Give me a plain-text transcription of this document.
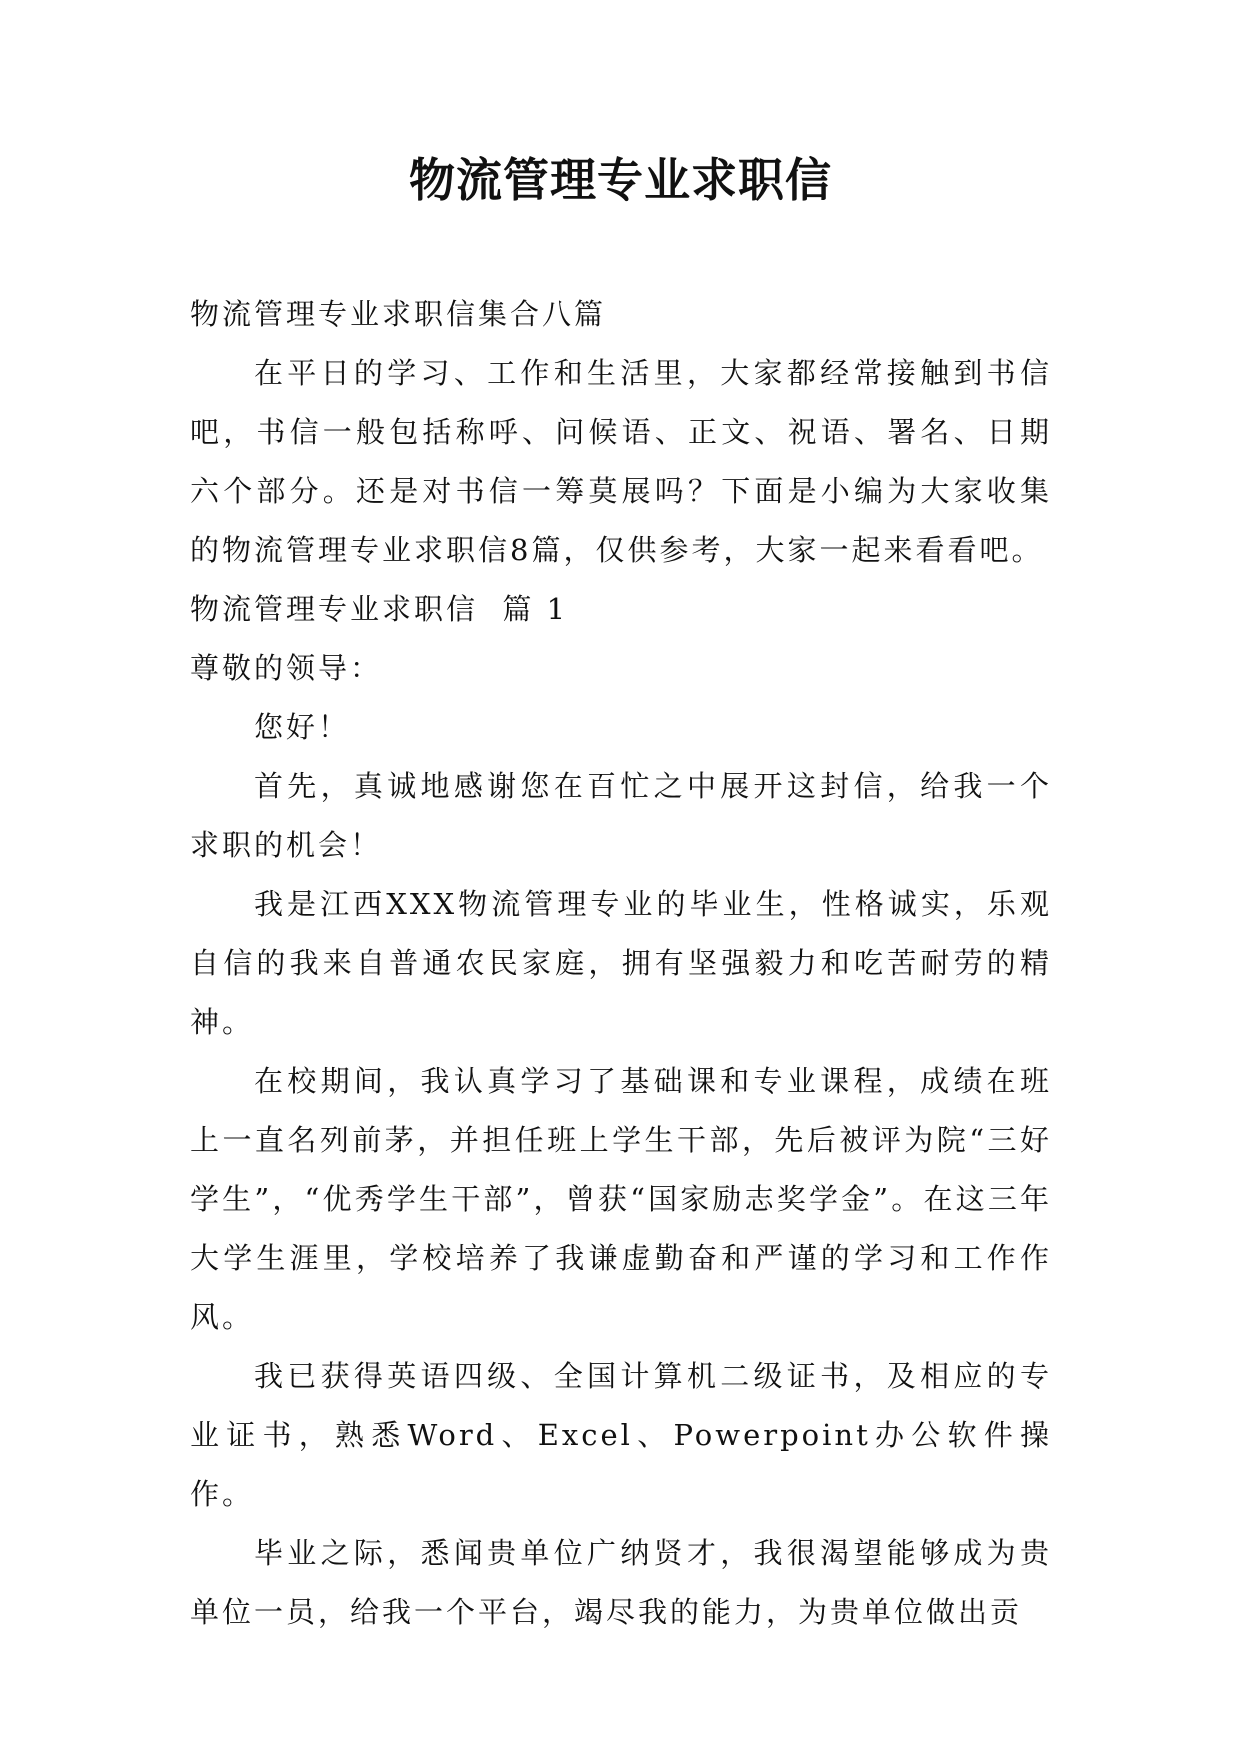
物流管理专业求职信

物流管理专业求职信集合八篇

在平日的学习、工作和生活里，大家都经常接触到书信吧，书信一般包括称呼、问候语、正文、祝语、署名、日期六个部分。还是对书信一筹莫展吗？下面是小编为大家收集的物流管理专业求职信8篇，仅供参考，大家一起来看看吧。

物流管理专业求职信  篇 1

尊敬的领导：

您好！

首先，真诚地感谢您在百忙之中展开这封信，给我一个求职的机会！

我是江西XXX物流管理专业的毕业生，性格诚实，乐观自信的我来自普通农民家庭，拥有坚强毅力和吃苦耐劳的精神。

在校期间，我认真学习了基础课和专业课程，成绩在班上一直名列前茅，并担任班上学生干部，先后被评为院“三好学生”，“优秀学生干部”，曾获“国家励志奖学金”。在这三年大学生涯里，学校培养了我谦虚勤奋和严谨的学习和工作作风。

我已获得英语四级、全国计算机二级证书，及相应的专业证书，熟悉Word、Excel、Powerpoint办公软件操作。

毕业之际，悉闻贵单位广纳贤才，我很渴望能够成为贵单位一员，给我一个平台，竭尽我的能力，为贵单位做出贡
